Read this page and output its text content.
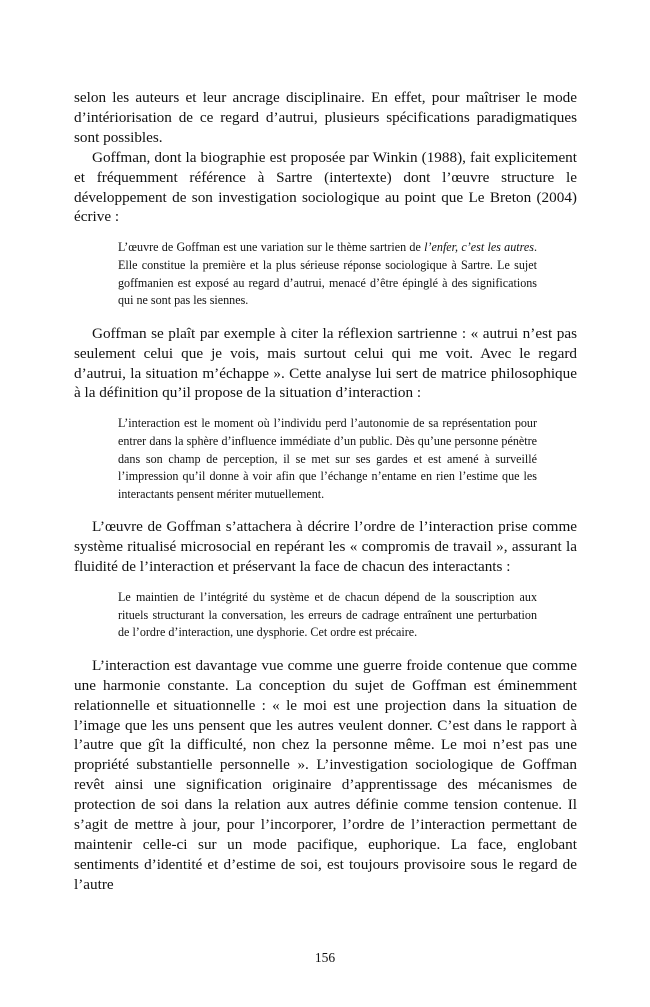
selon les auteurs et leur ancrage disciplinaire. En effet, pour maîtriser le mode d’intériorisation de ce regard d’autrui, plusieurs spécifications paradigmatiques sont possibles.

Goffman, dont la biographie est proposée par Winkin (1988), fait explicitement et fréquemment référence à Sartre (intertexte) dont l’œuvre structure le développement de son investigation sociologique au point que Le Breton (2004) écrive :

L’œuvre de Goffman est une variation sur le thème sartrien de l’enfer, c’est les autres. Elle constitue la première et la plus sérieuse réponse sociologique à Sartre. Le sujet goffmanien est exposé au regard d’autrui, menacé d’être épinglé à des significations qui ne sont pas les siennes.

Goffman se plaît par exemple à citer la réflexion sartrienne : « autrui n’est pas seulement celui que je vois, mais surtout celui qui me voit. Avec le regard d’autrui, la situation m’échappe ». Cette analyse lui sert de matrice philosophique à la définition qu’il propose de la situation d’interaction :

L’interaction est le moment où l’individu perd l’autonomie de sa représentation pour entrer dans la sphère d’influence immédiate d’un public. Dès qu’une personne pénètre dans son champ de perception, il se met sur ses gardes et est amené à surveillé l’impression qu’il donne à voir afin que l’échange n’entame en rien l’estime que les interactants pensent mériter mutuellement.

L’œuvre de Goffman s’attachera à décrire l’ordre de l’interaction prise comme système ritualisé microsocial en repérant les « compromis de travail », assurant la fluidité de l’interaction et préservant la face de chacun des interactants :

Le maintien de l’intégrité du système et de chacun dépend de la souscription aux rituels structurant la conversation, les erreurs de cadrage entraînent une perturbation de l’ordre d’interaction, une dysphorie. Cet ordre est précaire.

L’interaction est davantage vue comme une guerre froide contenue que comme une harmonie constante. La conception du sujet de Goffman est éminemment relationnelle et situationnelle : « le moi est une projection dans la situation de l’image que les uns pensent que les autres veulent donner. C’est dans le rapport à l’autre que gît la difficulté, non chez la personne même. Le moi n’est pas une propriété substantielle personnelle ». L’investigation sociologique de Goffman revêt ainsi une signification originaire d’apprentissage des mécanismes de protection de soi dans la relation aux autres définie comme tension contenue. Il s’agit de mettre à jour, pour l’incorporer, l’ordre de l’interaction permettant de maintenir celle-ci sur un mode pacifique, euphorique. La face, englobant sentiments d’identité et d’estime de soi, est toujours provisoire sous le regard de l’autre

156
